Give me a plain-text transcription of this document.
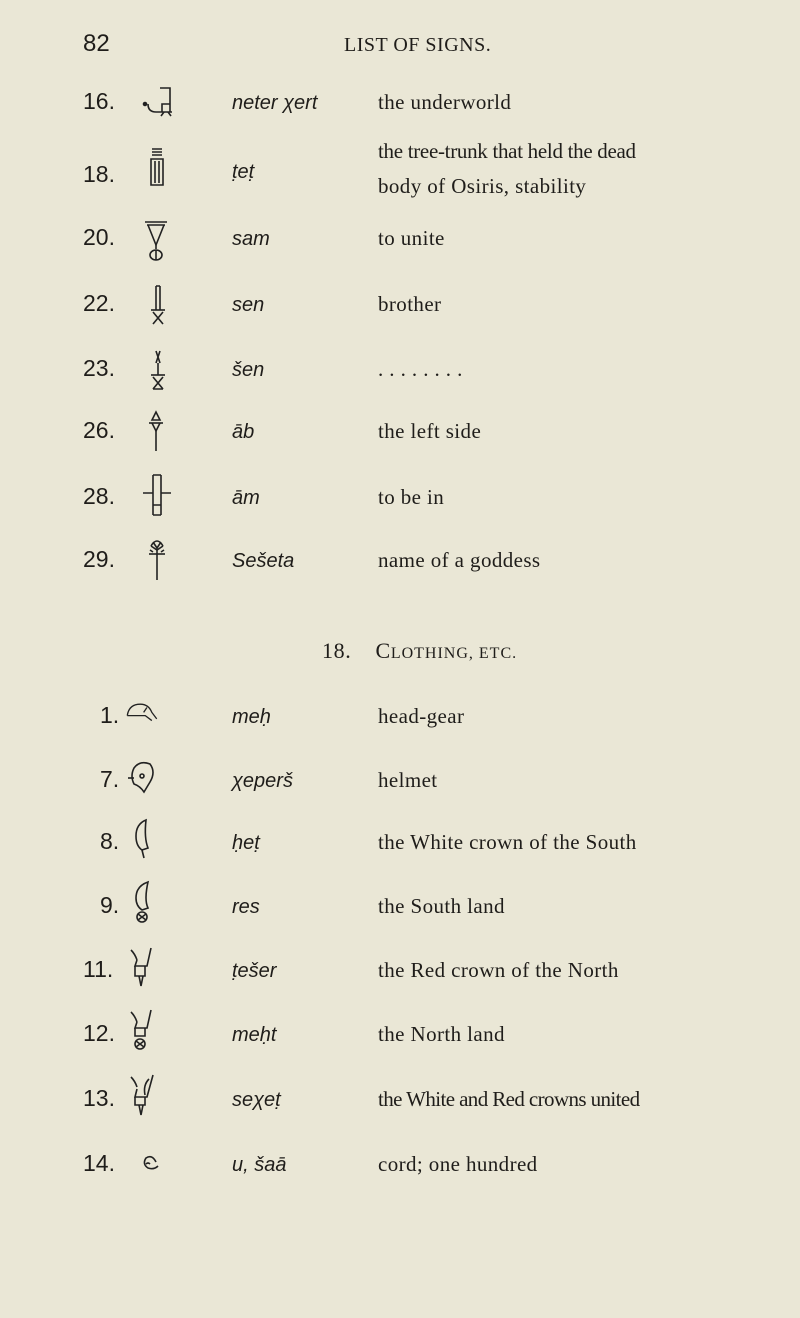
82	LIST OF SIGNS.
16.	neter χert	the underworld
18.	ṭeṭ
the tree-trunk that held the dead
body of Osiris, stability
20.	sam	to unite
22.	sen	brother
23.	šen	. . . . . . . .
26.	āb	the left side
28.	ām	to be in
29.	Sešeta	name of a goddess
18. CLOTHING, ETC.
1.	meḥ	head-gear
7.	χeperš	helmet
8.	ḥeṭ	the White crown of the South
9.	res	the South land
11.	ṭešer	the Red crown of the North
12.	meḥt	the North land
13.	seχeṭ	the White and Red crowns united
14.	u, šaā	cord; one hundred
